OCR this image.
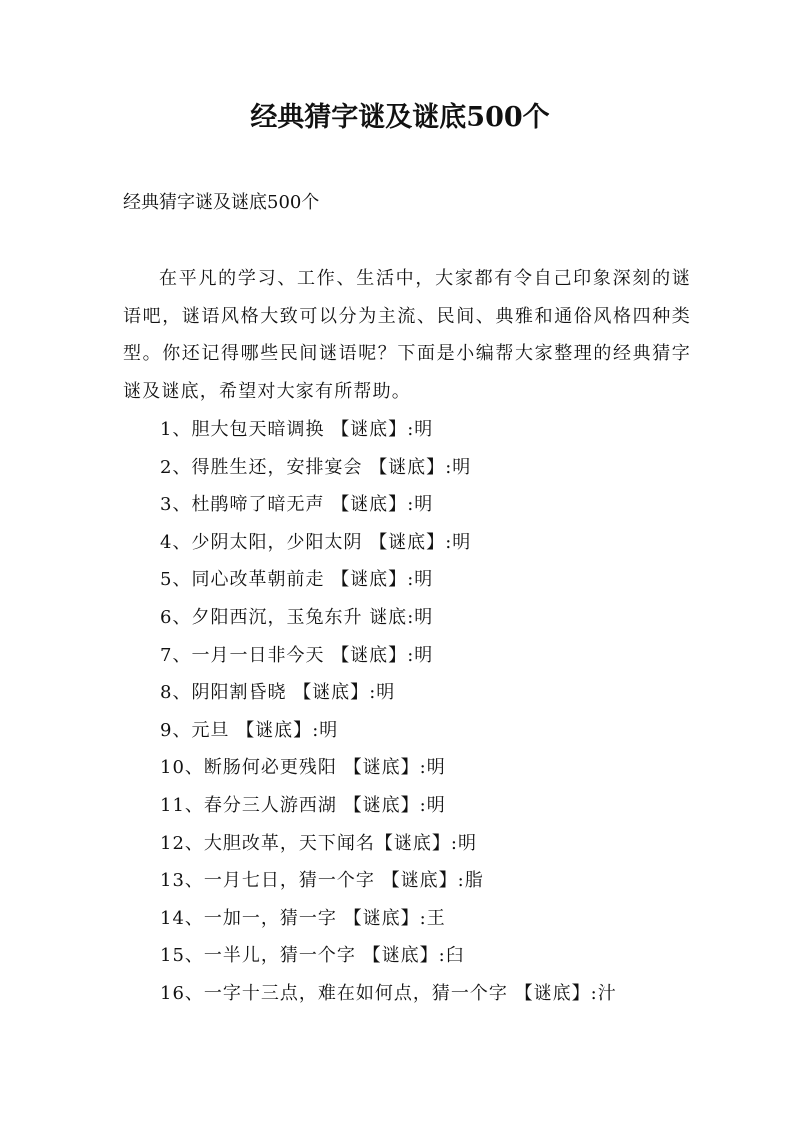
经典猜字谜及谜底500个
经典猜字谜及谜底500个

在平凡的学习、工作、生活中，大家都有令自己印象深刻的谜语吧，谜语风格大致可以分为主流、民间、典雅和通俗风格四种类型。你还记得哪些民间谜语呢？下面是小编帮大家整理的经典猜字谜及谜底，希望对大家有所帮助。

1、胆大包天暗调换 【谜底】:明
2、得胜生还，安排宴会 【谜底】:明
3、杜鹃啼了暗无声 【谜底】:明
4、少阴太阳，少阳太阴 【谜底】:明
5、同心改革朝前走 【谜底】:明
6、夕阳西沉，玉兔东升 谜底:明
7、一月一日非今天 【谜底】:明
8、阴阳割昏晓 【谜底】:明
9、元旦 【谜底】:明
10、断肠何必更残阳 【谜底】:明
11、春分三人游西湖 【谜底】:明
12、大胆改革，天下闻名【谜底】:明
13、一月七日，猜一个字 【谜底】:脂
14、一加一，猜一字 【谜底】:王
15、一半儿，猜一个字 【谜底】:臼
16、一字十三点，难在如何点，猜一个字 【谜底】:汁
